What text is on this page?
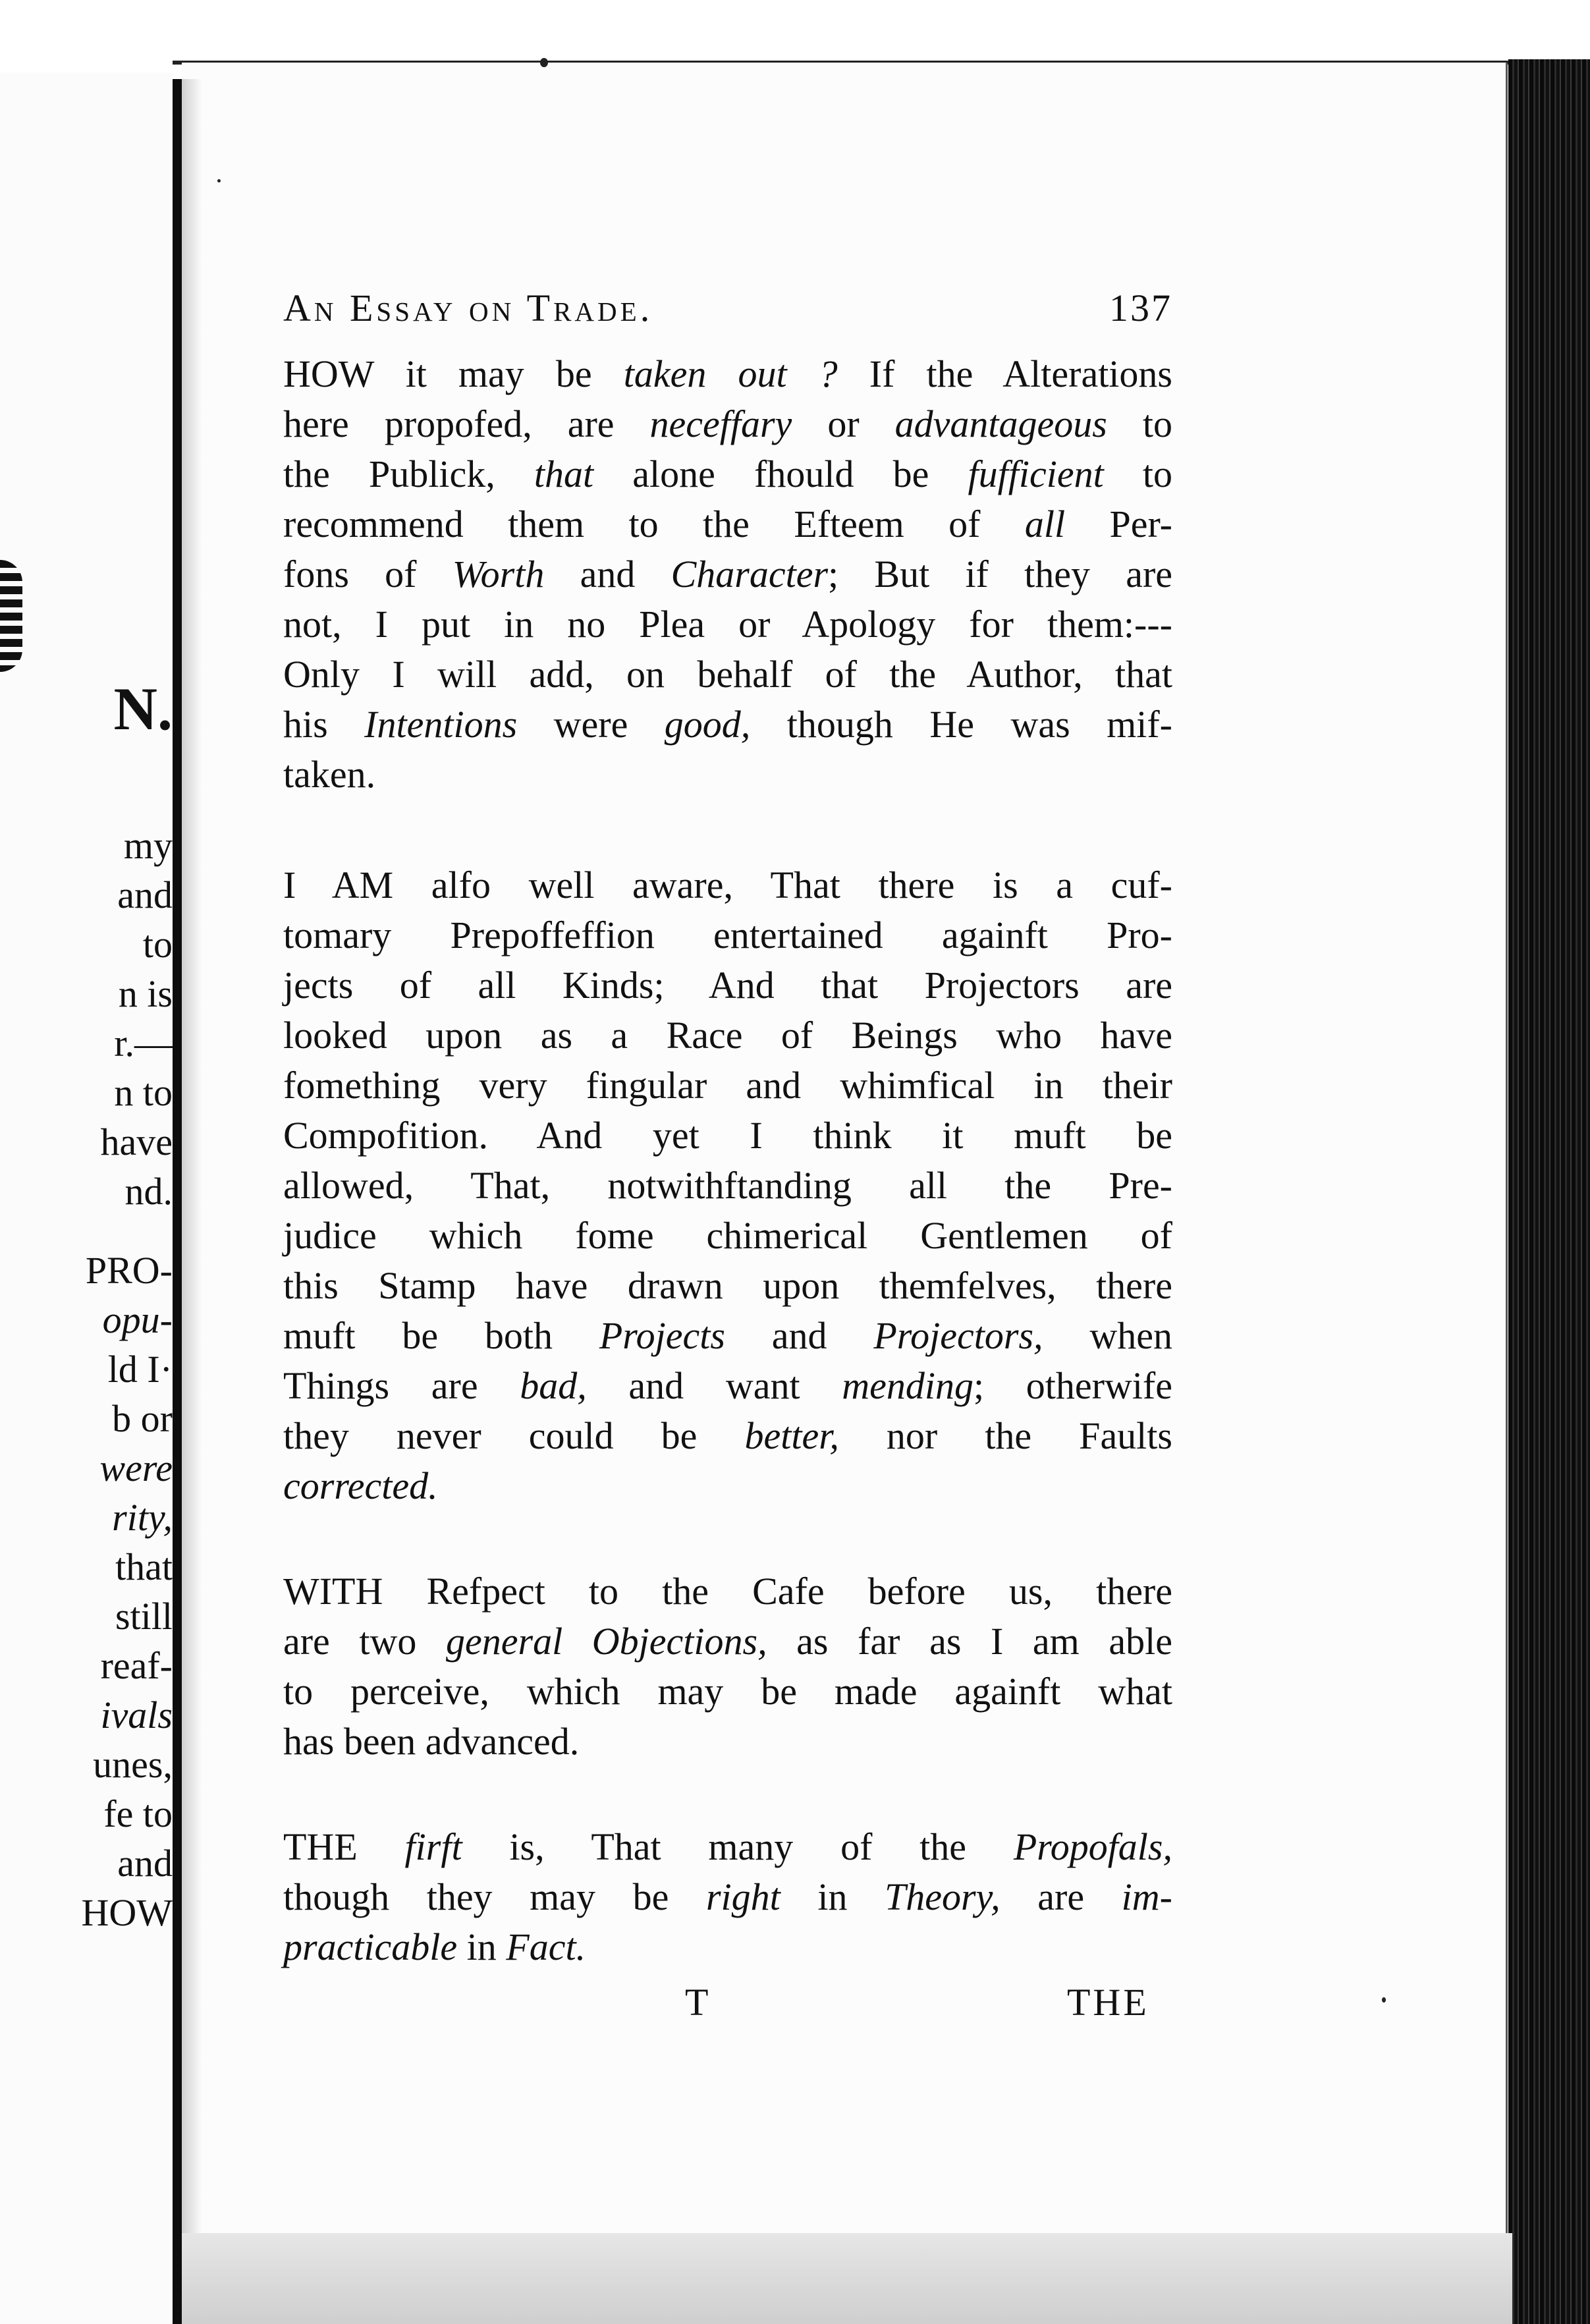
N.
my
and
to
n is
r.—
n to
have
nd.
PRO-
opu-
ld I·
b or
were
rity,
that
still
reaf-
ivals
unes,
fe to
and
HOW
An Essay on Trade.	137
HOW it may be taken out ? If the Alterations
here propofed, are neceffary or advantageous to
the Publick, that alone fhould be fufficient to
recommend them to the Efteem of all Per-
fons of Worth and Character; But if they are
not, I put in no Plea or Apology for them:---
Only I will add, on behalf of the Author, that
his Intentions were good, though He was mif-
taken.
I AM alfo well aware, That there is a cuf-
tomary Prepoffeffion entertained againft Pro-
jects of all Kinds; And that Projectors are
looked upon as a Race of Beings who have
fomething very fingular and whimfical in their
Compofition. And yet I think it muft be
allowed, That, notwithftanding all the Pre-
judice which fome chimerical Gentlemen of
this Stamp have drawn upon themfelves, there
muft be both Projects and Projectors, when
Things are bad, and want mending; otherwife
they never could be better, nor the Faults
corrected.
WITH Refpect to the Cafe before us, there
are two general Objections, as far as I am able
to perceive, which may be made againft what
has been advanced.
THE firft is, That many of the Propofals,
though they may be right in Theory, are im-
practicable in Fact.
T	THE
